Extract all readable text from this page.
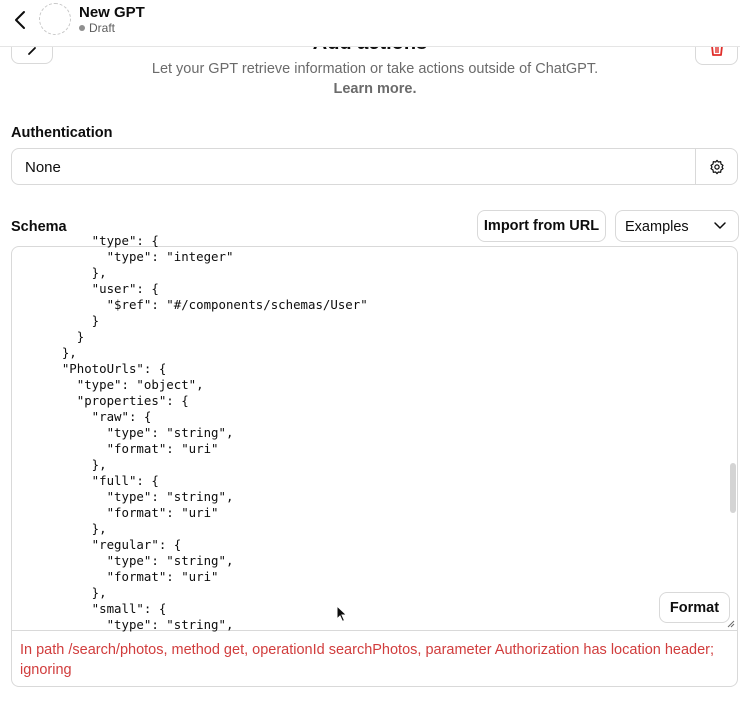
New GPT
Draft
Let your GPT retrieve information or take actions outside of ChatGPT.
Learn more.
Authentication
None
Schema	Import from URL	Examples
"type": {
"type": "integer"
},
"user": {
"$ref": "#/components/schemas/User"
}
}
},
"PhotoUrls": {
"type": "object",
"properties": {
"raw": {
"type": "string",
"format": "uri"
},
"full": {
"type": "string",
"format": "uri"
},
"regular": {
"type": "string",
"format": "uri"
},
"small": {
"type": "string",
Format
In path /search/photos, method get, operationId searchPhotos, parameter Authorization has location header; ignoring
